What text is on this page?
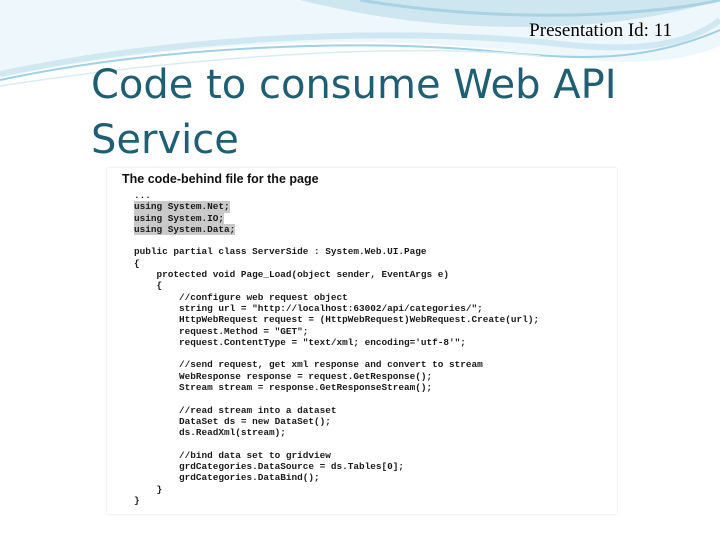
Presentation Id: 11
Code to consume Web API Service

The code-behind file for the page

...
using System.Net;
using System.IO;
using System.Data;
public partial class ServerSide : System.Web.UI.Page
{
protected void Page_Load(object sender, EventArgs e)
{
//configure web request object
string url = "http://localhost:63002/api/categories/";
HttpWebRequest request = (HttpWebRequest)WebRequest.Create(url);
request.Method = "GET";
request.ContentType = "text/xml; encoding='utf-8'";
//send request, get xml response and convert to stream
WebResponse response = request.GetResponse();
Stream stream = response.GetResponseStream();
//read stream into a dataset
DataSet ds = new DataSet();
ds.ReadXml(stream);
//bind data set to gridview
grdCategories.DataSource = ds.Tables[0];
grdCategories.DataBind();
}
}
